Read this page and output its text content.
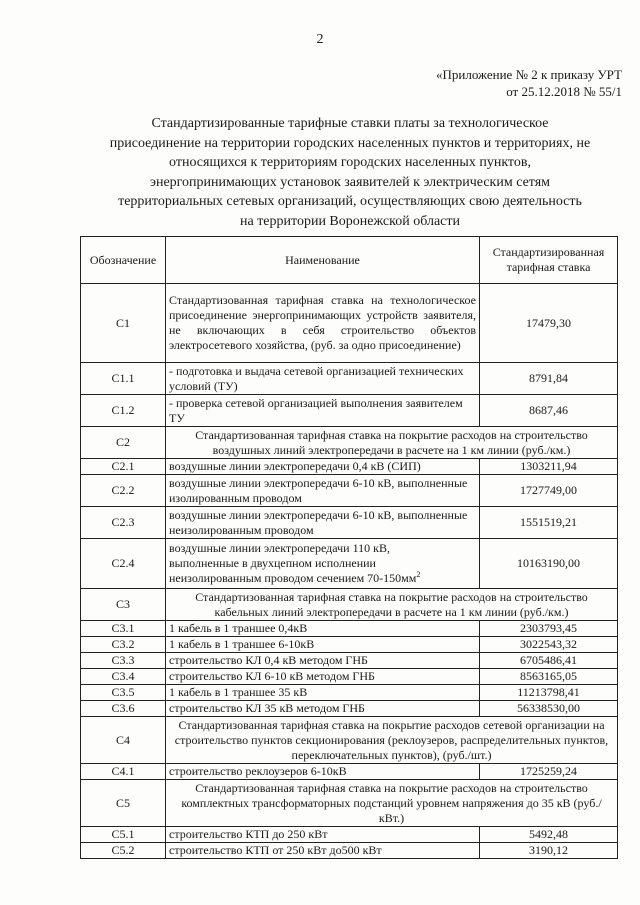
2
«Приложение № 2 к приказу УРТ
от 25.12.2018 № 55/1
Стандартизированные тарифные ставки платы за технологическое
присоединение на территории городских населенных пунктов и территориях, не
относящихся к территориям городских населенных пунктов,
энергопринимающих установок заявителей к электрическим сетям
территориальных сетевых организаций, осуществляющих свою деятельность
на территории Воронежской области
Обозначение	Наименование	Стандартизированная тарифная ставка
С1	Стандартизованная тарифная ставка на технологическое присоединение энергопринимающих устройств заявителя, не включающих в себя строительство объектов электросетевого хозяйства, (руб. за одно присоединение)	17479,30
С1.1	- подготовка и выдача сетевой организацией технических условий (ТУ)	8791,84
С1.2	- проверка сетевой организацией выполнения заявителем ТУ	8687,46
С2	Стандартизованная тарифная ставка на покрытие расходов на строительство воздушных линий электропередачи в расчете на 1 км линии (руб./км.)	
С2.1	воздушные линии электропередачи 0,4 кВ (СИП)	1303211,94
С2.2	воздушные линии электропередачи 6-10 кВ, выполненные изолированным проводом	1727749,00
С2.3	воздушные линии электропередачи 6-10 кВ, выполненные неизолированным проводом	1551519,21
С2.4	воздушные линии электропередачи 110 кВ,
выполненные в двухцепном исполнении
неизолированным проводом сечением $70-150мм^2$	10163190,00
С3	Стандартизованная тарифная ставка на покрытие расходов на строительство кабельных линий электропередачи в расчете на 1 км линии (руб./км.)	
С3.1	1 кабель в 1 траншее 0,4кВ	2303793,45
С3.2	1 кабель в 1 траншее 6-10кВ	3022543,32
С3.3	строительство КЛ 0,4 кВ методом ГНБ	6705486,41
С3.4	строительство КЛ 6-10 кВ методом ГНБ	8563165,05
С3.5	1 кабель в 1 траншее 35 кВ	11213798,41
С3.6	строительство КЛ 35 кВ методом ГНБ	56338530,00
С4	Стандартизованная тарифная ставка на покрытие расходов сетевой организации на строительство пунктов секционирования (реклоузеров, распределительных пунктов, переключательных пунктов), (руб./шт.)	
С4.1	строительство реклоузеров 6-10кВ	1725259,24
С5	Стандартизованная тарифная ставка на покрытие расходов на строительство комплектных трансформаторных подстанций уровнем напряжения до 35 кВ (руб./кВт.)	
С5.1	строительство КТП до 250 кВт	5492,48
С5.2	строительство КТП от 250 кВт до500 кВт	3190,12
